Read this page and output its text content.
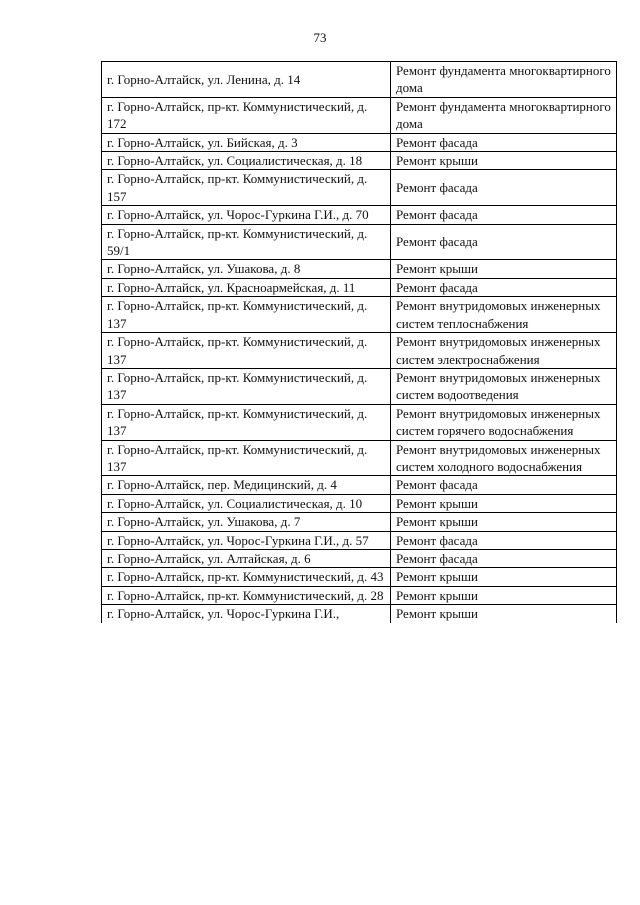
73
г. Горно-Алтайск, ул. Ленина, д. 14	Ремонт фундамента многоквартирного дома
г. Горно-Алтайск, пр-кт. Коммунистический, д. 172	Ремонт фундамента многоквартирного дома
г. Горно-Алтайск, ул. Бийская, д. 3	Ремонт фасада
г. Горно-Алтайск, ул. Социалистическая, д. 18	Ремонт крыши
г. Горно-Алтайск, пр-кт. Коммунистический, д. 157	Ремонт фасада
г. Горно-Алтайск, ул. Чорос-Гуркина Г.И., д. 70	Ремонт фасада
г. Горно-Алтайск, пр-кт. Коммунистический, д. 59/1	Ремонт фасада
г. Горно-Алтайск, ул. Ушакова, д. 8	Ремонт крыши
г. Горно-Алтайск, ул. Красноармейская, д. 11	Ремонт фасада
г. Горно-Алтайск, пр-кт. Коммунистический, д. 137	Ремонт внутридомовых инженерных систем теплоснабжения
г. Горно-Алтайск, пр-кт. Коммунистический, д. 137	Ремонт внутридомовых инженерных систем электроснабжения
г. Горно-Алтайск, пр-кт. Коммунистический, д. 137	Ремонт внутридомовых инженерных систем водоотведения
г. Горно-Алтайск, пр-кт. Коммунистический, д. 137	Ремонт внутридомовых инженерных систем горячего водоснабжения
г. Горно-Алтайск, пр-кт. Коммунистический, д. 137	Ремонт внутридомовых инженерных систем холодного водоснабжения
г. Горно-Алтайск, пер. Медицинский, д. 4	Ремонт фасада
г. Горно-Алтайск, ул. Социалистическая, д. 10	Ремонт крыши
г. Горно-Алтайск, ул. Ушакова, д. 7	Ремонт крыши
г. Горно-Алтайск, ул. Чорос-Гуркина Г.И., д. 57	Ремонт фасада
г. Горно-Алтайск, ул. Алтайская, д. 6	Ремонт фасада
г. Горно-Алтайск, пр-кт. Коммунистический, д. 43	Ремонт крыши
г. Горно-Алтайск, пр-кт. Коммунистический, д. 28	Ремонт крыши
г. Горно-Алтайск, ул. Чорос-Гуркина Г.И.,	Ремонт крыши
